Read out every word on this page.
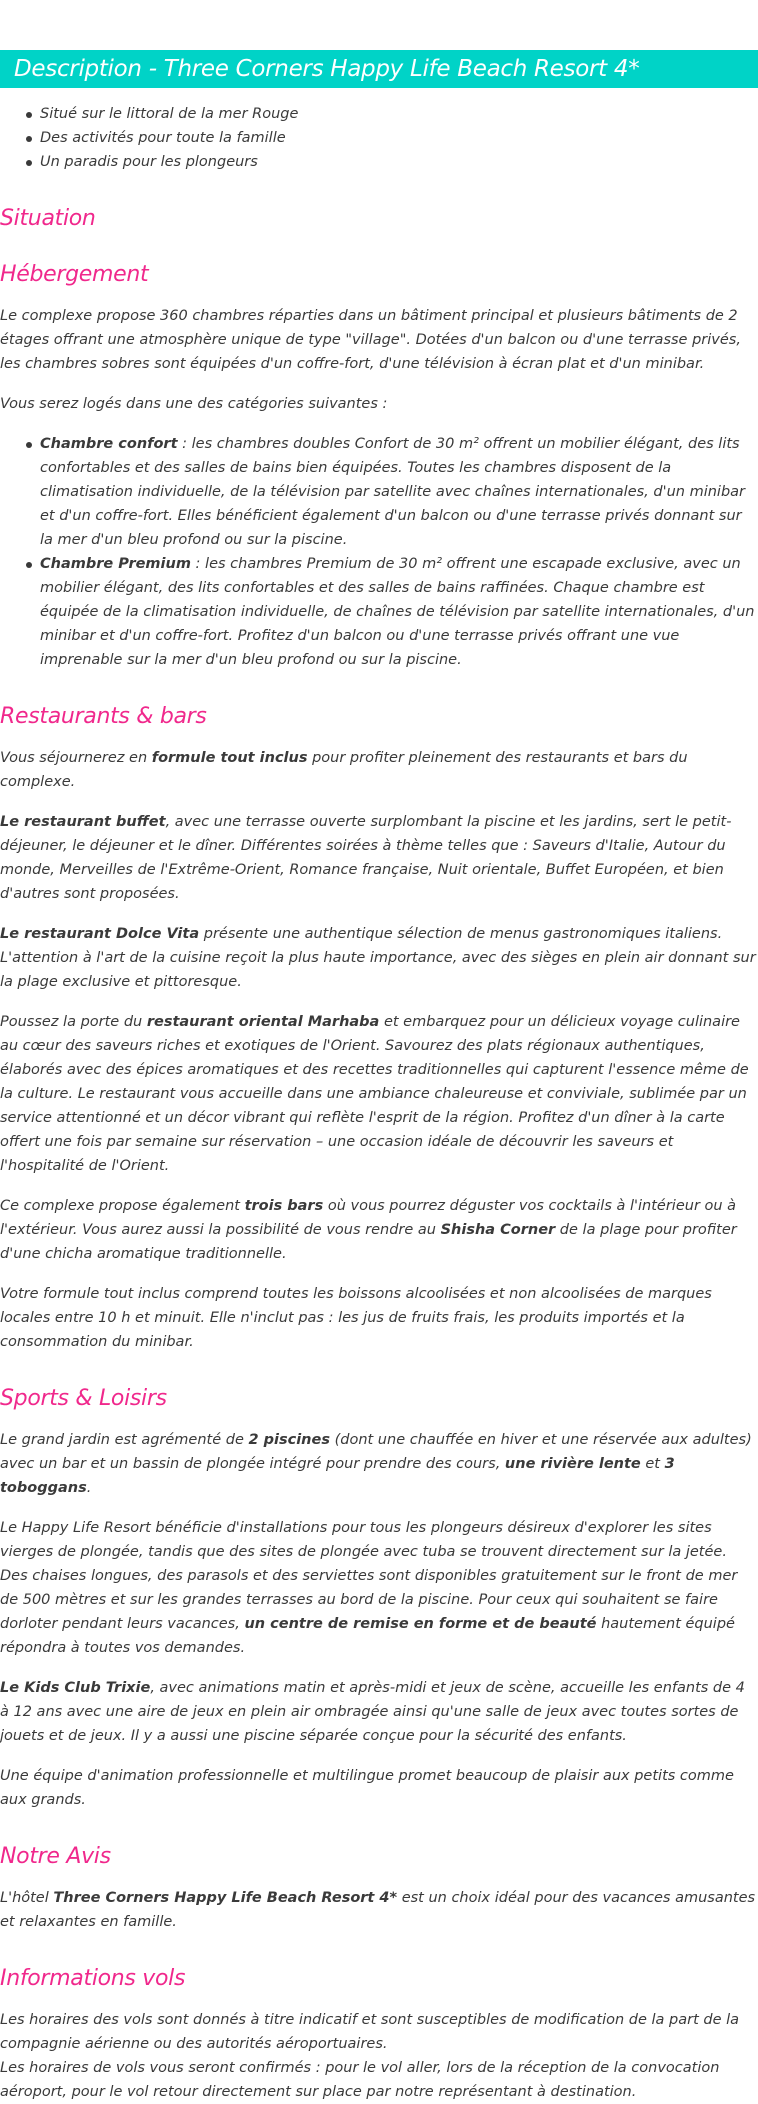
Description - Three Corners Happy Life Beach Resort 4*
Situé sur le littoral de la mer Rouge
Des activités pour toute la famille
Un paradis pour les plongeurs
Situation
Hébergement

Le complexe propose 360 chambres réparties dans un bâtiment principal et plusieurs bâtiments de 2 étages offrant une atmosphère unique de type "village". Dotées d'un balcon ou d'une terrasse privés, les chambres sobres sont équipées d'un coffre-fort, d'une télévision à écran plat et d'un minibar.

Vous serez logés dans une des catégories suivantes :

Chambre confort : les chambres doubles Confort de 30 m² offrent un mobilier élégant, des lits confortables et des salles de bains bien équipées. Toutes les chambres disposent de la climatisation individuelle, de la télévision par satellite avec chaînes internationales, d'un minibar et d'un coffre-fort. Elles bénéficient également d'un balcon ou d'une terrasse privés donnant sur la mer d'un bleu profond ou sur la piscine.
Chambre Premium : les chambres Premium de 30 m² offrent une escapade exclusive, avec un mobilier élégant, des lits confortables et des salles de bains raffinées. Chaque chambre est équipée de la climatisation individuelle, de chaînes de télévision par satellite internationales, d'un minibar et d'un coffre-fort. Profitez d'un balcon ou d'une terrasse privés offrant une vue imprenable sur la mer d'un bleu profond ou sur la piscine.
Restaurants & bars

Vous séjournerez en formule tout inclus pour profiter pleinement des restaurants et bars du complexe.

Le restaurant buffet, avec une terrasse ouverte surplombant la piscine et les jardins, sert le petit-déjeuner, le déjeuner et le dîner. Différentes soirées à thème telles que : Saveurs d'Italie, Autour du monde, Merveilles de l'Extrême-Orient, Romance française, Nuit orientale, Buffet Européen, et bien d'autres sont proposées.

Le restaurant Dolce Vita présente une authentique sélection de menus gastronomiques italiens. L'attention à l'art de la cuisine reçoit la plus haute importance, avec des sièges en plein air donnant sur la plage exclusive et pittoresque.

Poussez la porte du restaurant oriental Marhaba et embarquez pour un délicieux voyage culinaire au cœur des saveurs riches et exotiques de l'Orient. Savourez des plats régionaux authentiques, élaborés avec des épices aromatiques et des recettes traditionnelles qui capturent l'essence même de la culture. Le restaurant vous accueille dans une ambiance chaleureuse et conviviale, sublimée par un service attentionné et un décor vibrant qui reflète l'esprit de la région. Profitez d'un dîner à la carte offert une fois par semaine sur réservation – une occasion idéale de découvrir les saveurs et l'hospitalité de l'Orient.

Ce complexe propose également trois bars où vous pourrez déguster vos cocktails à l'intérieur ou à l'extérieur. Vous aurez aussi la possibilité de vous rendre au Shisha Corner de la plage pour profiter d'une chicha aromatique traditionnelle.

Votre formule tout inclus comprend toutes les boissons alcoolisées et non alcoolisées de marques locales entre 10 h et minuit. Elle n'inclut pas : les jus de fruits frais, les produits importés et la consommation du minibar.

Sports & Loisirs

Le grand jardin est agrémenté de 2 piscines (dont une chauffée en hiver et une réservée aux adultes) avec un bar et un bassin de plongée intégré pour prendre des cours, une rivière lente et 3 toboggans.

Le Happy Life Resort bénéficie d'installations pour tous les plongeurs désireux d'explorer les sites vierges de plongée, tandis que des sites de plongée avec tuba se trouvent directement sur la jetée. Des chaises longues, des parasols et des serviettes sont disponibles gratuitement sur le front de mer de 500 mètres et sur les grandes terrasses au bord de la piscine. Pour ceux qui souhaitent se faire dorloter pendant leurs vacances, un centre de remise en forme et de beauté hautement équipé répondra à toutes vos demandes.

Le Kids Club Trixie, avec animations matin et après-midi et jeux de scène, accueille les enfants de 4 à 12 ans avec une aire de jeux en plein air ombragée ainsi qu'une salle de jeux avec toutes sortes de jouets et de jeux. Il y a aussi une piscine séparée conçue pour la sécurité des enfants.

Une équipe d'animation professionnelle et multilingue promet beaucoup de plaisir aux petits comme aux grands.

Notre Avis

L'hôtel Three Corners Happy Life Beach Resort 4* est un choix idéal pour des vacances amusantes et relaxantes en famille.

Informations vols

Les horaires des vols sont donnés à titre indicatif et sont susceptibles de modification de la part de la compagnie aérienne ou des autorités aéroportuaires.
Les horaires de vols vous seront confirmés : pour le vol aller, lors de la réception de la convocation aéroport, pour le vol retour directement sur place par notre représentant à destination.
